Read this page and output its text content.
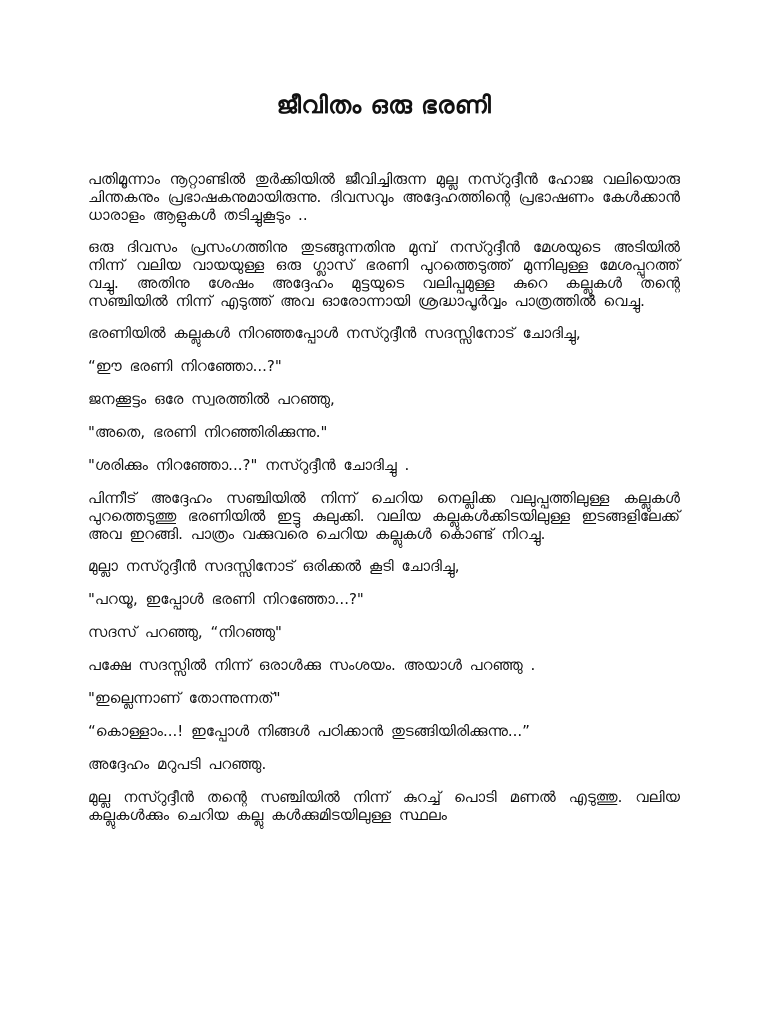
ജീവിതം ഒരു ഭരണി

പതിമൂന്നാം നൂറ്റാണ്ടിൽ തുർക്കിയിൽ ജീവിച്ചിരുന്ന മുല്ല നസ്റുദ്ദീൻ ഹോജ വലിയൊരു ചിന്തകനും പ്രഭാഷകനുമായിരുന്നു. ദിവസവും അദ്ദേഹത്തിന്റെ പ്രഭാഷണം കേൾക്കാൻ ധാരാളം ആളുകൾ തടിച്ചുകൂടും ..

ഒരു ദിവസം പ്രസംഗത്തിനു തുടങ്ങുന്നതിനു മുമ്പ് നസ്റുദ്ദീൻ മേശയുടെ അടിയിൽ നിന്ന് വലിയ വായയുള്ള ഒരു ഗ്ലാസ് ഭരണി പുറത്തെടുത്ത് മുന്നിലുള്ള മേശപ്പുറത്ത് വച്ചു. അതിനു ശേഷം അദ്ദേഹം മുട്ടയുടെ വലിപ്പമുള്ള കുറെ കല്ലുകൾ തന്റെ സഞ്ചിയിൽ നിന്ന് എടുത്ത് അവ ഓരോന്നായി ശ്രദ്ധാപൂർവ്വം പാത്രത്തിൽ വെച്ചു.

ഭരണിയിൽ കല്ലുകൾ നിറഞ്ഞപ്പോൾ നസ്റുദ്ദീൻ സദസ്സിനോട് ചോദിച്ചു,

“ഈ ഭരണി നിറഞ്ഞോ...?"

ജനക്കൂട്ടം ഒരേ സ്വരത്തിൽ പറഞ്ഞു,

"അതെ, ഭരണി നിറഞ്ഞിരിക്കുന്നു."

"ശരിക്കും നിറഞ്ഞോ...?" നസ്റുദ്ദീൻ ചോദിച്ചു .

പിന്നീട് അദ്ദേഹം സഞ്ചിയിൽ നിന്ന് ചെറിയ നെല്ലിക്ക വലുപ്പത്തിലുള്ള കല്ലുകൾ പുറത്തെടുത്തു ഭരണിയിൽ ഇട്ടു കുലുക്കി. വലിയ കല്ലുകൾക്കിടയിലുള്ള ഇടങ്ങളിലേക്ക് അവ ഇറങ്ങി. പാത്രം വക്കുവരെ ചെറിയ കല്ലുകൾ കൊണ്ട് നിറച്ചു.

മുല്ലാ നസ്റുദ്ദീൻ സദസ്സിനോട് ഒരിക്കൽ കൂടി ചോദിച്ചു,

"പറയൂ, ഇപ്പോൾ ഭരണി നിറഞ്ഞോ...?"

സദസ് പറഞ്ഞു, “നിറഞ്ഞു"

പക്ഷേ സദസ്സിൽ നിന്ന് ഒരാൾക്കു സംശയം. അയാൾ പറഞ്ഞു .

"ഇല്ലെന്നാണ് തോന്നുന്നത്"

“കൊള്ളാം...! ഇപ്പോൾ നിങ്ങൾ പഠിക്കാൻ തുടങ്ങിയിരിക്കുന്നു...”

അദ്ദേഹം മറുപടി പറഞ്ഞു.

മുല്ല നസ്റുദ്ദീൻ തന്റെ സഞ്ചിയിൽ നിന്ന് കുറച്ച് പൊടി മണൽ എടുത്തു. വലിയ കല്ലുകൾക്കും ചെറിയ കല്ലു കൾക്കുമിടയിലുള്ള സ്ഥലം
